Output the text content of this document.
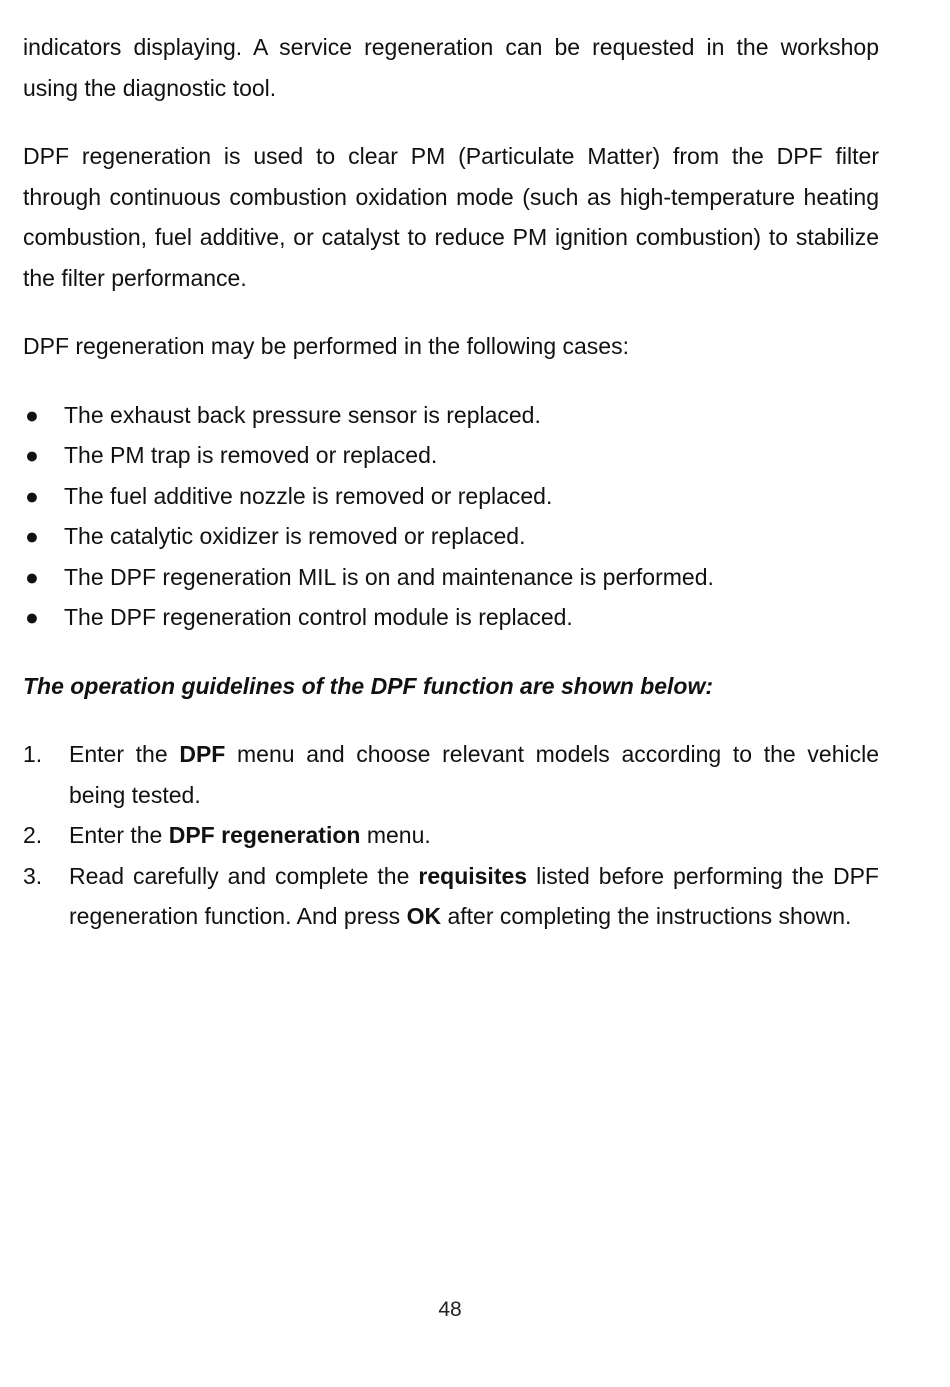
indicators displaying. A service regeneration can be requested in the workshop using the diagnostic tool.

DPF regeneration is used to clear PM (Particulate Matter) from the DPF filter through continuous combustion oxidation mode (such as high-temperature heating combustion, fuel additive, or catalyst to reduce PM ignition combustion) to stabilize the filter performance.

DPF regeneration may be performed in the following cases:

● The exhaust back pressure sensor is replaced.
● The PM trap is removed or replaced.
● The fuel additive nozzle is removed or replaced.
● The catalytic oxidizer is removed or replaced.
● The DPF regeneration MIL is on and maintenance is performed.
● The DPF regeneration control module is replaced.

The operation guidelines of the DPF function are shown below:

1. Enter the DPF menu and choose relevant models according to the vehicle being tested.
2. Enter the DPF regeneration menu.
3. Read carefully and complete the requisites listed before performing the DPF regeneration function. And press OK after completing the instructions shown.
48
